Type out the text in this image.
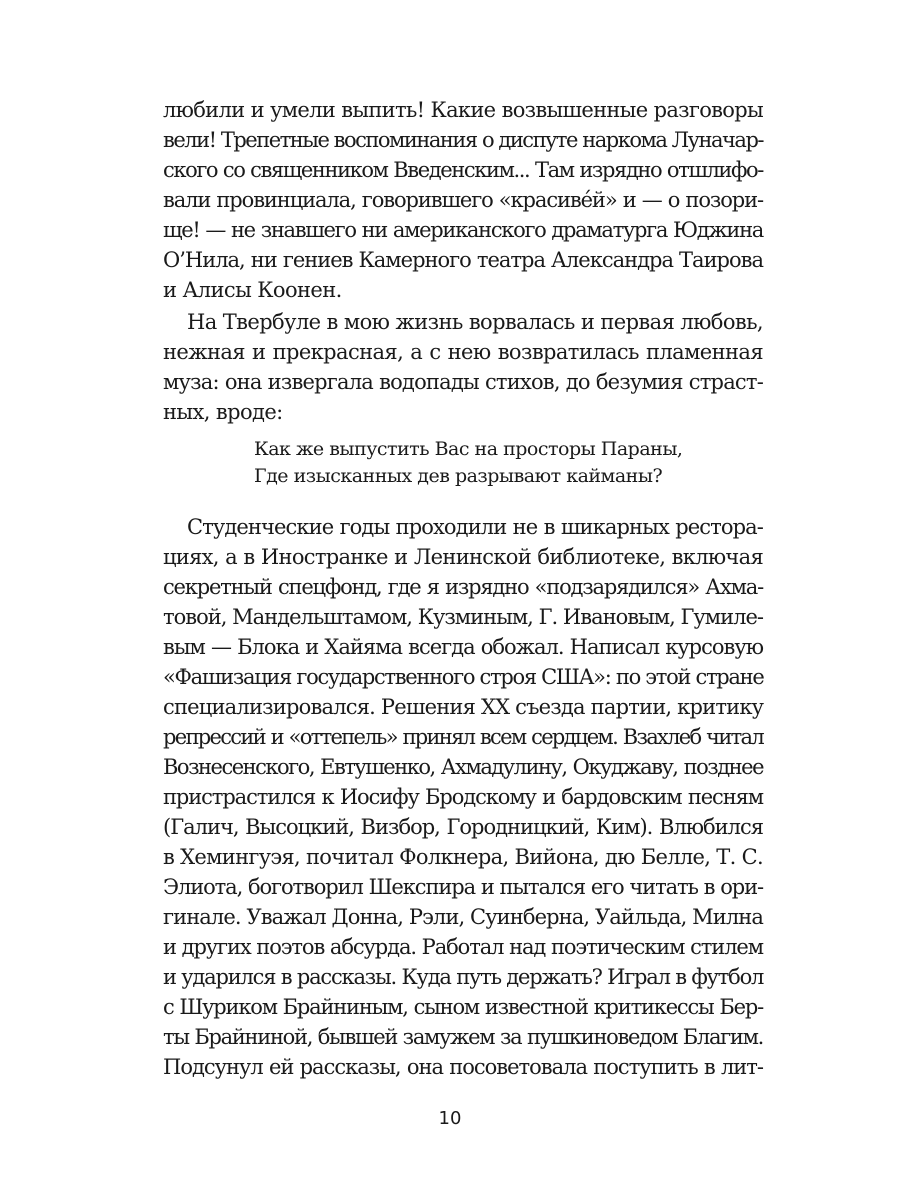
любили и умели выпить! Какие возвышенные разговоры
вели! Трепетные воспоминания о диспуте наркома Луначар-
ского со священником Введенским... Там изрядно отшлифо-
вали провинциала, говорившего «красивéй» и — о позори-
ще! — не знавшего ни американского драматурга Юджина
О’Нила, ни гениев Камерного театра Александра Таирова
и Алисы Коонен.
На Твербуле в мою жизнь ворвалась и первая любовь,
нежная и прекрасная, а с нею возвратилась пламенная
муза: она извергала водопады стихов, до безумия страст-
ных, вроде:
Как же выпустить Вас на просторы Параны,
Где изысканных дев разрывают кайманы?
Студенческие годы проходили не в шикарных рестора-
циях, а в Иностранке и Ленинской библиотеке, включая
секретный спецфонд, где я изрядно «подзарядился» Ахма-
товой, Мандельштамом, Кузминым, Г. Ивановым, Гумиле-
вым — Блока и Хайяма всегда обожал. Написал курсовую
«Фашизация государственного строя США»: по этой стране
специализировался. Решения XX съезда партии, критику
репрессий и «оттепель» принял всем сердцем. Взахлеб читал
Вознесенского, Евтушенко, Ахмадулину, Окуджаву, позднее
пристрастился к Иосифу Бродскому и бардовским песням
(Галич, Высоцкий, Визбор, Городницкий, Ким). Влюбился
в Хемингуэя, почитал Фолкнера, Вийона, дю Белле, Т. С.
Элиота, боготворил Шекспира и пытался его читать в ори-
гинале. Уважал Донна, Рэли, Суинберна, Уайльда, Милна
и других поэтов абсурда. Работал над поэтическим стилем
и ударился в рассказы. Куда путь держать? Играл в футбол
с Шуриком Брайниным, сыном известной критикессы Бер-
ты Брайниной, бывшей замужем за пушкиноведом Благим.
Подсунул ей рассказы, она посоветовала поступить в лит-
10
